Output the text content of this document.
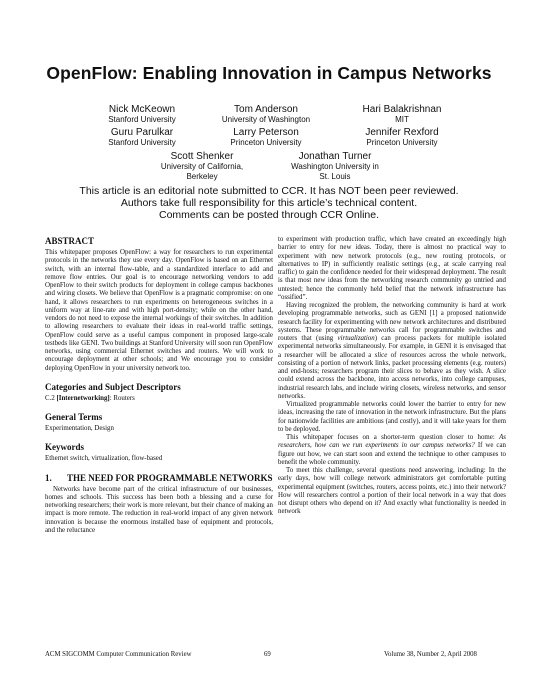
OpenFlow: Enabling Innovation in Campus Networks
Nick McKeown
Stanford University
Tom Anderson
University of Washington
Hari Balakrishnan
MIT
Guru Parulkar
Stanford University
Larry Peterson
Princeton University
Jennifer Rexford
Princeton University
Scott Shenker
University of California,
Berkeley
Jonathan Turner
Washington University in
St. Louis
This article is an editorial note submitted to CCR. It has NOT been peer reviewed.
Authors take full responsibility for this article’s technical content.
Comments can be posted through CCR Online.
ABSTRACT

This whitepaper proposes OpenFlow: a way for researchers to run experimental protocols in the networks they use every day. OpenFlow is based on an Ethernet switch, with an internal flow-table, and a standardized interface to add and remove flow entries. Our goal is to encourage networking vendors to add OpenFlow to their switch products for deployment in college campus backbones and wiring closets. We believe that OpenFlow is a pragmatic compromise: on one hand, it allows researchers to run experiments on heterogeneous switches in a uniform way at line-rate and with high port-density; while on the other hand, vendors do not need to expose the internal workings of their switches. In addition to allowing researchers to evaluate their ideas in real-world traffic settings, OpenFlow could serve as a useful campus component in proposed large-scale testbeds like GENI. Two buildings at Stanford University will soon run OpenFlow networks, using commercial Ethernet switches and routers. We will work to encourage deployment at other schools; and We encourage you to consider deploying OpenFlow in your university network too.

Categories and Subject Descriptors

C.2 [Internetworking]: Routers

General Terms

Experimentation, Design

Keywords

Ethernet switch, virtualization, flow-based

1.	THE NEED FOR PROGRAMMABLE NETWORKS

Networks have become part of the critical infrastructure of our businesses, homes and schools. This success has been both a blessing and a curse for networking researchers; their work is more relevant, but their chance of making an impact is more remote. The reduction in real-world impact of any given network innovation is because the enormous installed base of equipment and protocols, and the reluctance

to experiment with production traffic, which have created an exceedingly high barrier to entry for new ideas. Today, there is almost no practical way to experiment with new network protocols (e.g., new routing protocols, or alternatives to IP) in sufficiently realistic settings (e.g., at scale carrying real traffic) to gain the confidence needed for their widespread deployment. The result is that most new ideas from the networking research community go untried and untested; hence the commonly held belief that the network infrastructure has “ossified”.

Having recognized the problem, the networking community is hard at work developing programmable networks, such as GENI [1] a proposed nationwide research facility for experimenting with new network architectures and distributed systems. These programmable networks call for programmable switches and routers that (using virtualization) can process packets for multiple isolated experimental networks simultaneously. For example, in GENI it is envisaged that a researcher will be allocated a slice of resources across the whole network, consisting of a portion of network links, packet processing elements (e.g. routers) and end-hosts; researchers program their slices to behave as they wish. A slice could extend across the backbone, into access networks, into college campuses, industrial research labs, and include wiring closets, wireless networks, and sensor networks.

Virtualized programmable networks could lower the barrier to entry for new ideas, increasing the rate of innovation in the network infrastructure. But the plans for nationwide facilities are ambitious (and costly), and it will take years for them to be deployed.

This whitepaper focuses on a shorter-term question closer to home: As researchers, how can we run experiments in our campus networks? If we can figure out how, we can start soon and extend the technique to other campuses to benefit the whole community.

To meet this challenge, several questions need answering, including: In the early days, how will college network administrators get comfortable putting experimental equipment (switches, routers, access points, etc.) into their network? How will researchers control a portion of their local network in a way that does not disrupt others who depend on it? And exactly what functionality is needed in network

ACM SIGCOMM Computer Communication Review	69	Volume 38, Number 2, April 2008
